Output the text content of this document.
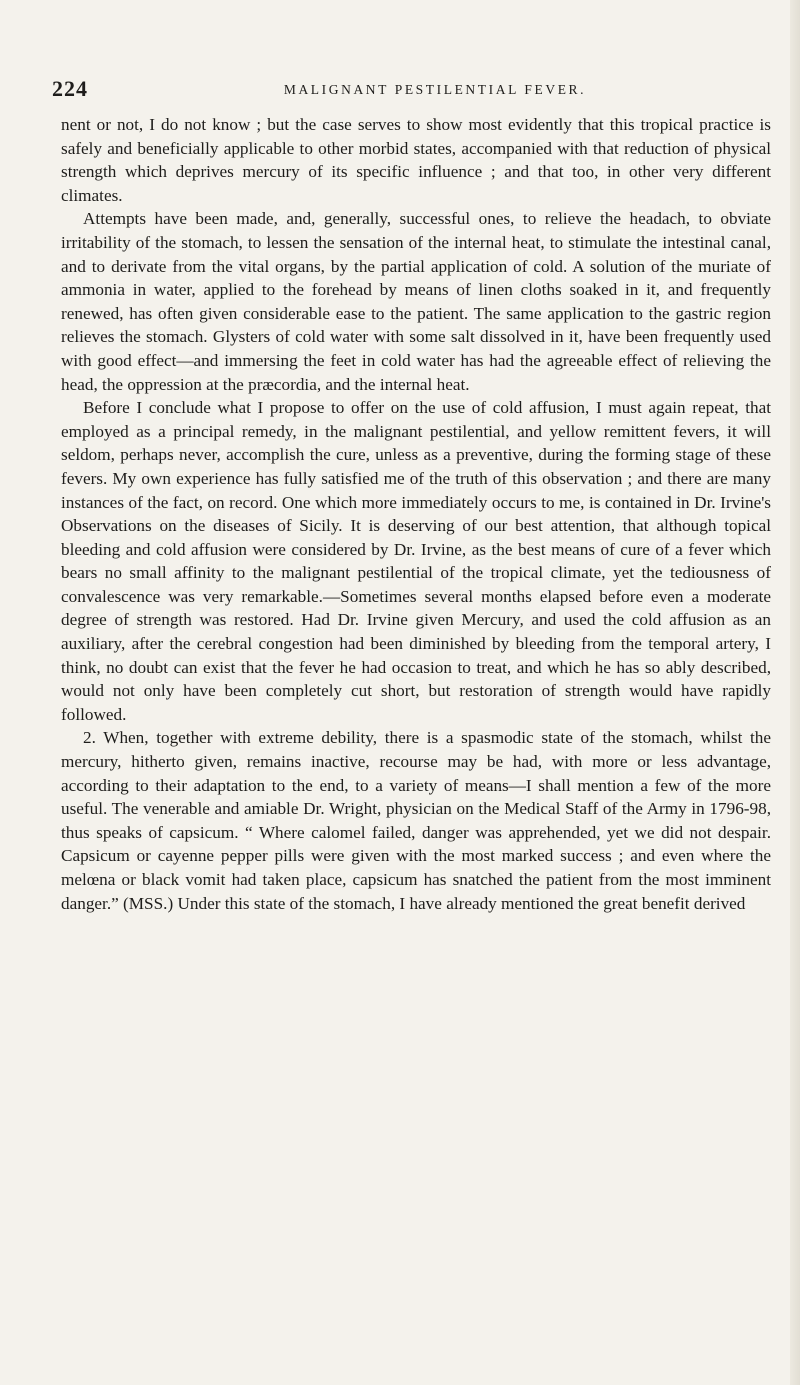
224	MALIGNANT PESTILENTIAL FEVER.

nent or not, I do not know ; but the case serves to show most evidently that this tropical practice is safely and beneficially applicable to other morbid states, accompanied with that reduction of physical strength which deprives mercury of its specific influence ; and that too, in other very different climates.

Attempts have been made, and, generally, successful ones, to relieve the headach, to obviate irritability of the stomach, to lessen the sensation of the internal heat, to stimulate the intestinal canal, and to derivate from the vital organs, by the partial application of cold. A solution of the muriate of ammonia in water, applied to the forehead by means of linen cloths soaked in it, and frequently renewed, has often given considerable ease to the patient. The same application to the gastric region relieves the stomach. Glysters of cold water with some salt dissolved in it, have been frequently used with good effect—and immersing the feet in cold water has had the agreeable effect of relieving the head, the oppression at the præcordia, and the internal heat.

Before I conclude what I propose to offer on the use of cold affusion, I must again repeat, that employed as a principal remedy, in the malignant pestilential, and yellow remittent fevers, it will seldom, perhaps never, accomplish the cure, unless as a preventive, during the forming stage of these fevers. My own experience has fully satisfied me of the truth of this observation ; and there are many instances of the fact, on record. One which more immediately occurs to me, is contained in Dr. Irvine's Observations on the diseases of Sicily. It is deserving of our best attention, that although topical bleeding and cold affusion were considered by Dr. Irvine, as the best means of cure of a fever which bears no small affinity to the malignant pestilential of the tropical climate, yet the tediousness of convalescence was very remarkable.—Sometimes several months elapsed before even a moderate degree of strength was restored. Had Dr. Irvine given Mercury, and used the cold affusion as an auxiliary, after the cerebral congestion had been diminished by bleeding from the temporal artery, I think, no doubt can exist that the fever he had occasion to treat, and which he has so ably described, would not only have been completely cut short, but restoration of strength would have rapidly followed.

2. When, together with extreme debility, there is a spasmodic state of the stomach, whilst the mercury, hitherto given, remains inactive, recourse may be had, with more or less advantage, according to their adaptation to the end, to a variety of means—I shall mention a few of the more useful. The venerable and amiable Dr. Wright, physician on the Medical Staff of the Army in 1796-98, thus speaks of capsicum. “ Where calomel failed, danger was apprehended, yet we did not despair. Capsicum or cayenne pepper pills were given with the most marked success ; and even where the melœna or black vomit had taken place, capsicum has snatched the patient from the most imminent danger.” (MSS.) Under this state of the stomach, I have already mentioned the great benefit derived
